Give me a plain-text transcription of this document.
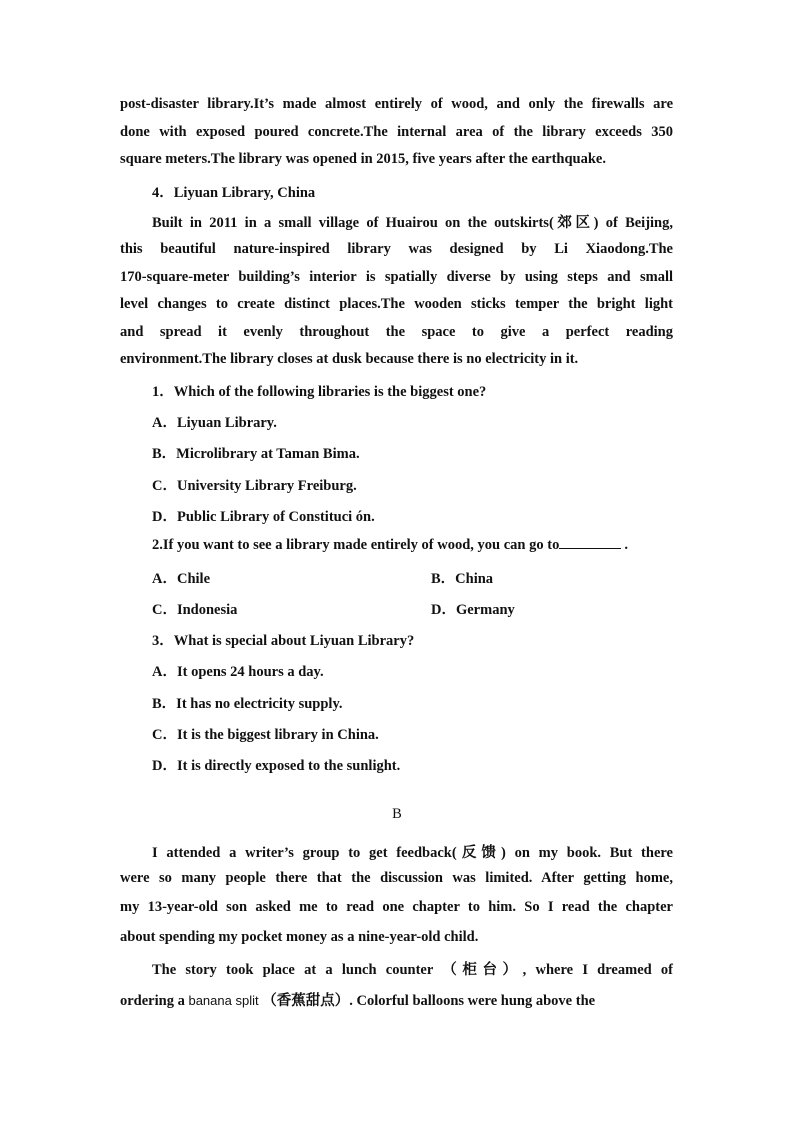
post-disaster library.It’s made almost entirely of wood, and only the firewalls are
done with exposed poured concrete.The internal area of the library exceeds 350
square meters.The library was opened in 2015, five years after the earthquake.
4．Liyuan Library, China
Built in 2011 in a small village of Huairou on the outskirts(郊区) of Beijing,
this beautiful nature-inspired library was designed by Li Xiaodong.The
170-square-meter building’s interior is spatially diverse by using steps and small
level changes to create distinct places.The wooden sticks temper the bright light
and spread it evenly throughout the space to give a perfect reading
environment.The library closes at dusk because there is no electricity in it.
1．Which of the following libraries is the biggest one?
A．Liyuan Library.
B．Microlibrary at Taman Bima.
C．University Library Freiburg.
D．Public Library of Constituci ón.
2.If you want to see a library made entirely of wood, you can go to	.
A．Chile	B．China
C．Indonesia	D．Germany
3．What is special about Liyuan Library?
A．It opens 24 hours a day.
B．It has no electricity supply.
C．It is the biggest library in China.
D．It is directly exposed to the sunlight.
B
I attended a writer’s group to get feedback(反馈) on my book. But there
were so many people there that the discussion was limited. After getting home,
my 13-year-old son asked me to read one chapter to him. So I read the chapter
about spending my pocket money as a nine-year-old child.
The story took place at a lunch counter （柜台）, where I dreamed of
ordering a banana split （香蕉甜点）. Colorful balloons were hung above the
